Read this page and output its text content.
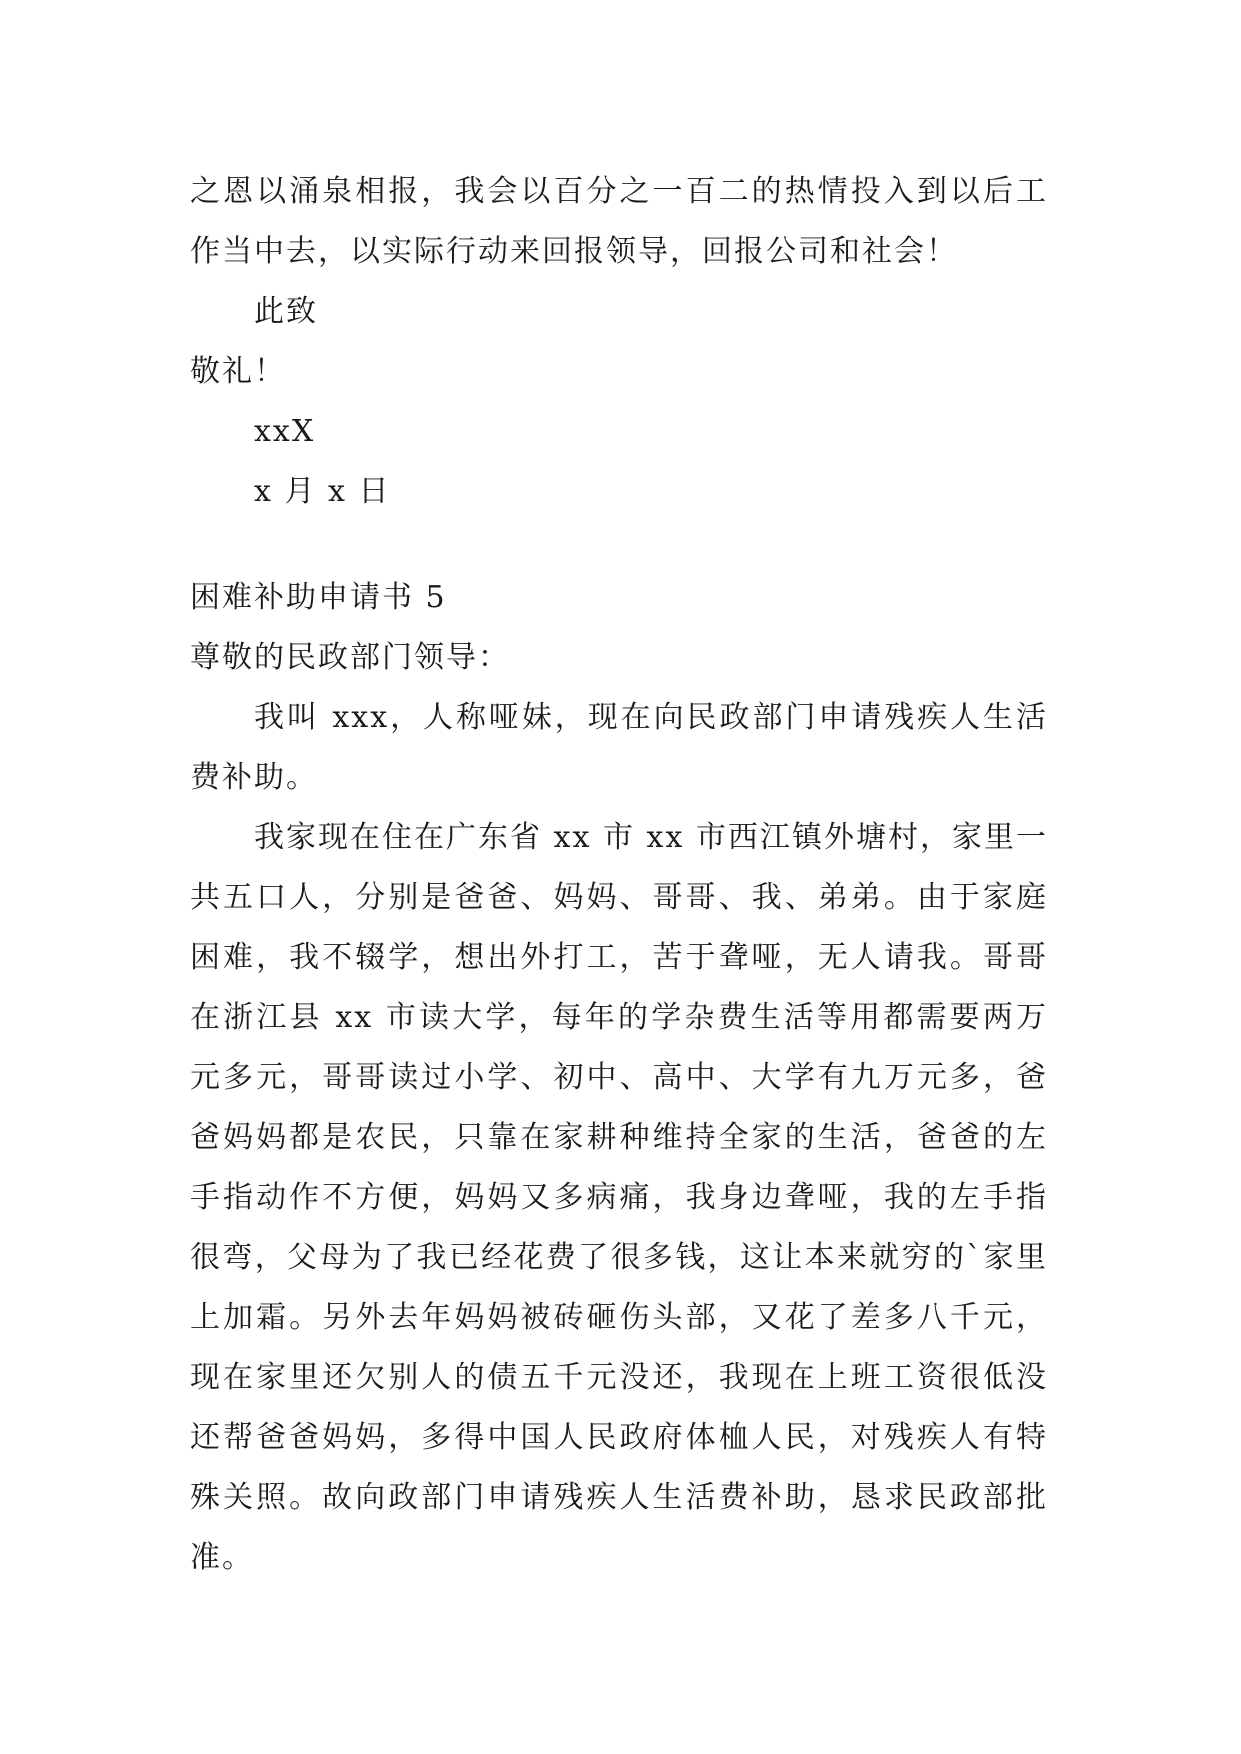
之恩以涌泉相报，我会以百分之一百二的热情投入到以后工作当中去，以实际行动来回报领导，回报公司和社会！

此致

敬礼！

xxX

x 月 x 日

困难补助申请书 5

尊敬的民政部门领导：

我叫 xxx，人称哑妹，现在向民政部门申请残疾人生活费补助。

我家现在住在广东省 xx 市 xx 市西江镇外塘村，家里一共五口人，分别是爸爸、妈妈、哥哥、我、弟弟。由于家庭困难，我不辍学，想出外打工，苦于聋哑，无人请我。哥哥在浙江县 xx 市读大学，每年的学杂费生活等用都需要两万元多元，哥哥读过小学、初中、高中、大学有九万元多，爸爸妈妈都是农民，只靠在家耕种维持全家的生活，爸爸的左手指动作不方便，妈妈又多病痛，我身边聋哑，我的左手指很弯，父母为了我已经花费了很多钱，这让本来就穷的`家里上加霜。另外去年妈妈被砖砸伤头部，又花了差多八千元，现在家里还欠别人的债五千元没还，我现在上班工资很低没还帮爸爸妈妈，多得中国人民政府体桖人民，对残疾人有特殊关照。故向政部门申请残疾人生活费补助，恳求民政部批准。
